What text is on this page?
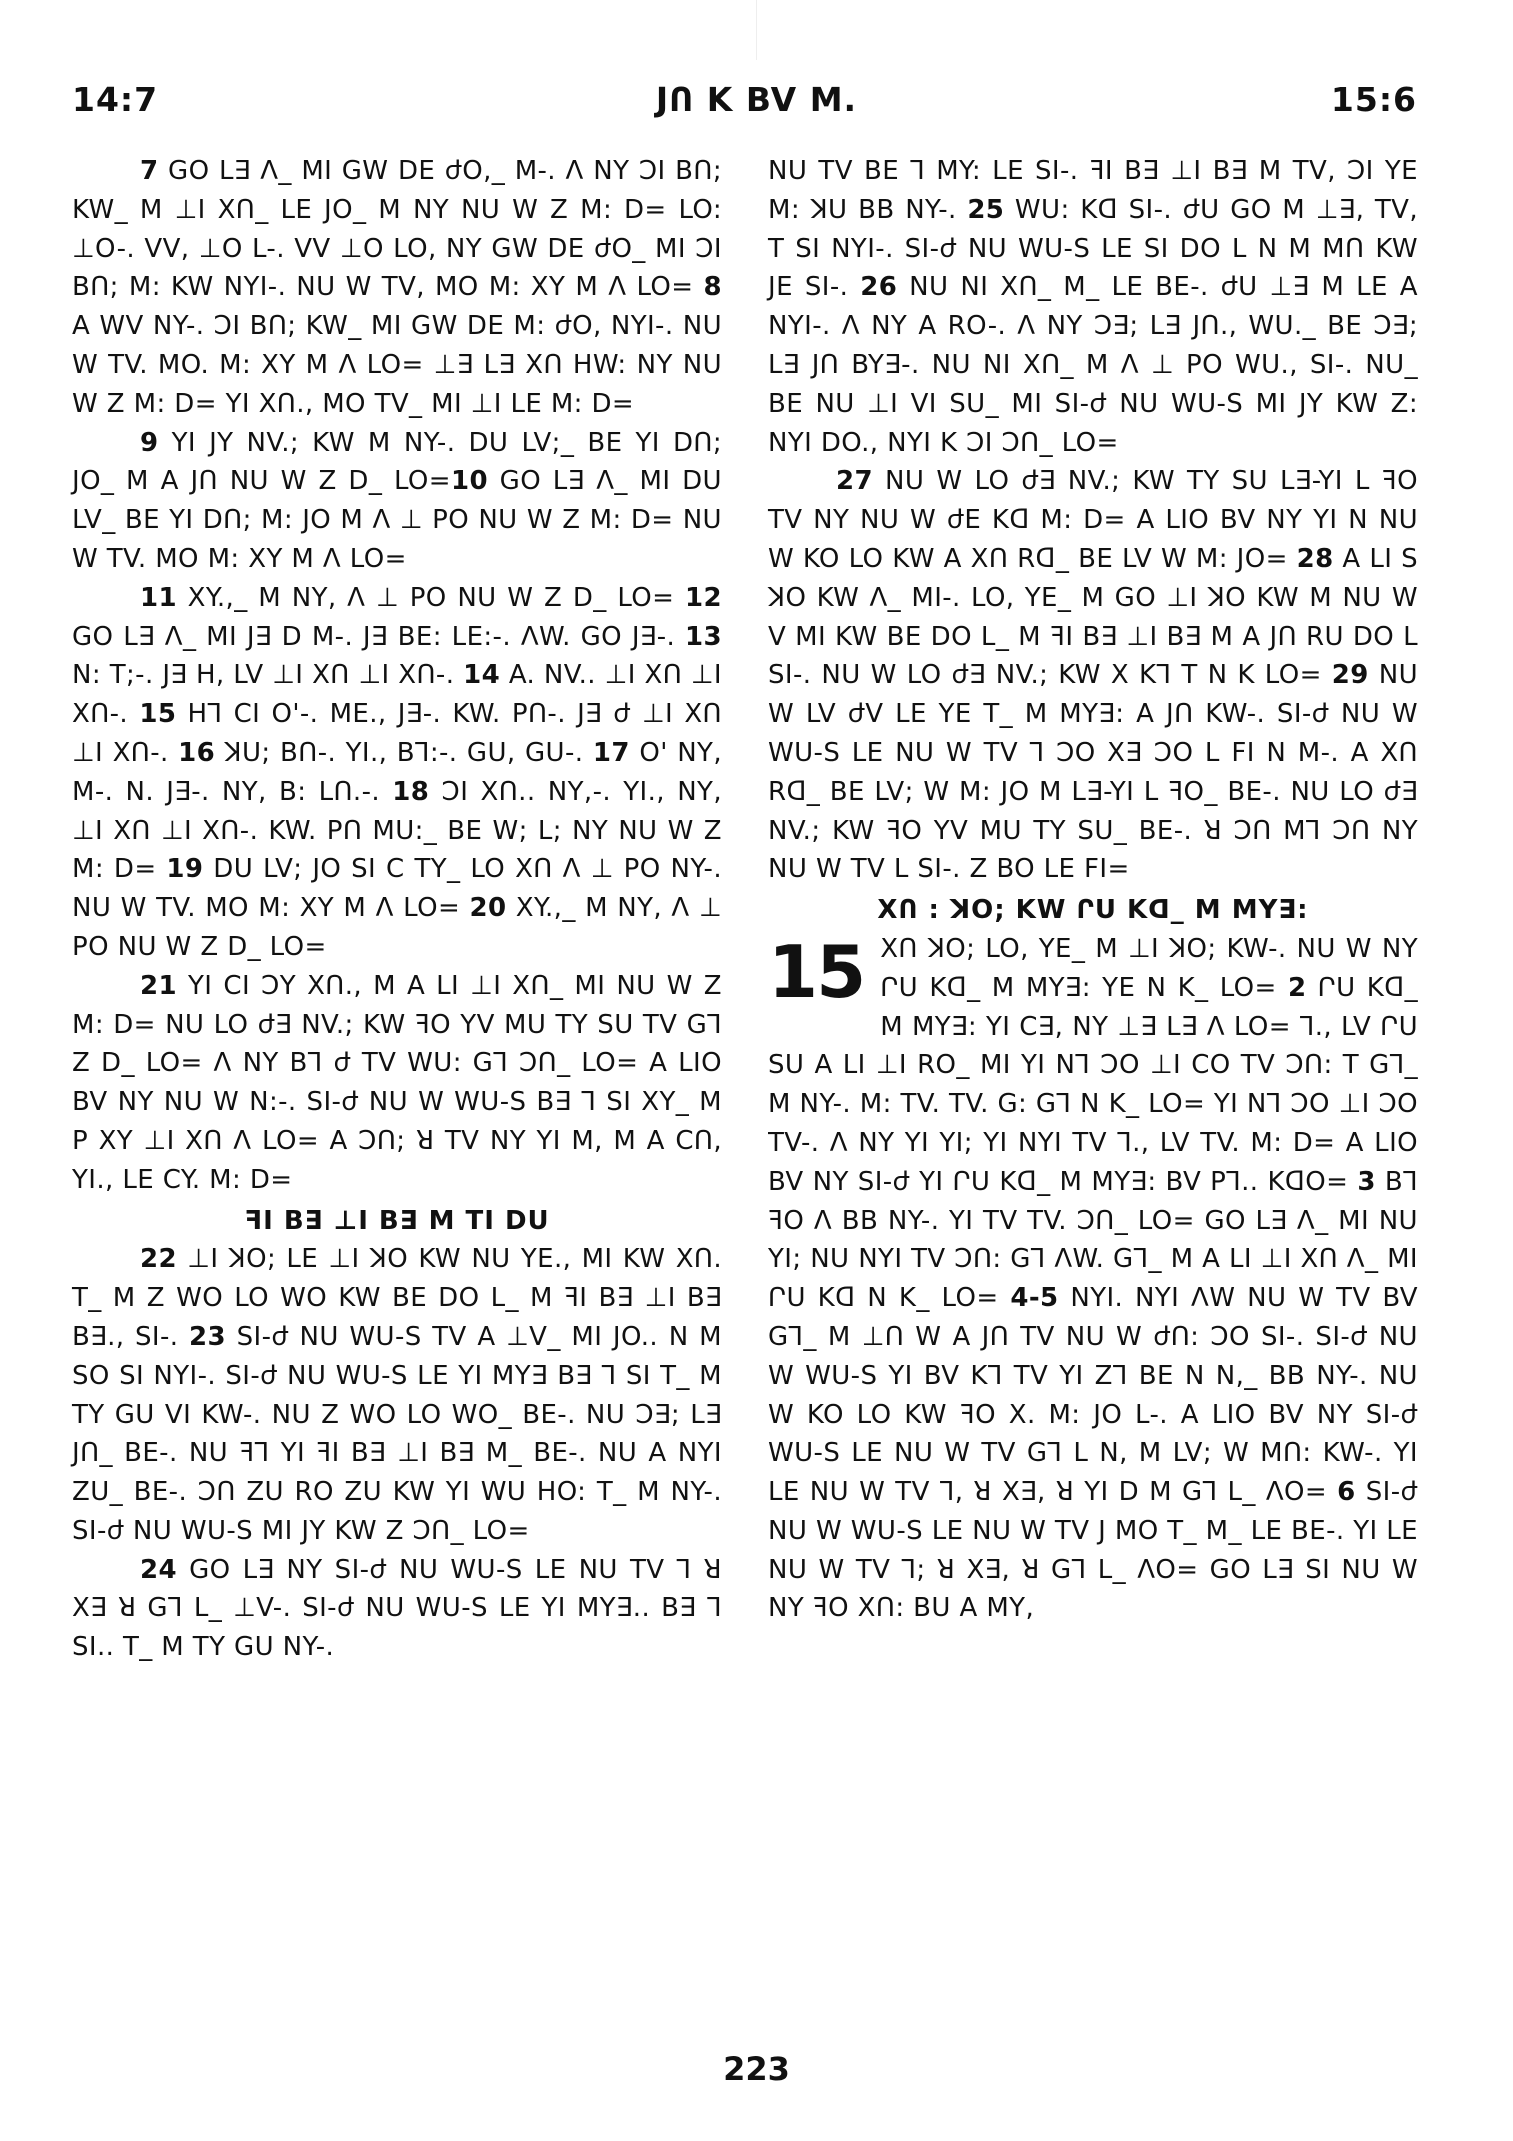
14:7	JՈ K BV M.	15:6

7 GO L∃ Λ_ MI GW DE ժO,_ M-. Λ NY ƆI BՈ; KW_ M ⊥I XՈ_ LE JO_ M NY NU W Z M: D= LO: ⊥O-. VV, ⊥O L-. VV ⊥O LO, NY GW DE ժO_ MI ƆI BՈ; M: KW NYI-. NU W TV, MO M: XY M Λ LO= 8 A WV NY-. ƆI BՈ; KW_ MI GW DE M: ժO, NYI-. NU W TV. MO. M: XY M Λ LO= ⊥∃ L∃ XՈ HW: NY NU W Z M: D= YI XՈ., MO TV_ MI ⊥I LE M: D=

9 YI JY NV.; KW M NY-. DU LV;_ BE YI DՈ; JO_ M A JՈ NU W Z D_ LO=10 GO L∃ Λ_ MI DU LV_ BE YI DՈ; M: JO M Λ ⊥ PO NU W Z M: D= NU W TV. MO M: XY M Λ LO=

11 XY.,_ M NY, Λ ⊥ PO NU W Z D_ LO= 12 GO L∃ Λ_ MI J∃ D M-. J∃ BE: LE:-. ΛW. GO J∃-. 13 N: T;-. J∃ H, LV ⊥I XՈ ⊥I XՈ-. 14 A. NV.. ⊥I XՈ ⊥I XՈ-. 15 H⅂ CI O'-. ME., J∃-. KW. PՈ-. J∃ ժ ⊥I XՈ ⊥I XՈ-. 16 ꓘU; BՈ-. YI., B⅂:-. GU, GU-. 17 O' NY, M-. N. J∃-. NY, B: LՈ.-. 18 ƆI XՈ.. NY,-. YI., NY, ⊥I XՈ ⊥I XՈ-. KW. PՈ MU:_ BE W; L; NY NU W Z M: D= 19 DU LV; JO SI C TY_ LO XՈ Λ ⊥ PO NY-. NU W TV. MO M: XY M Λ LO= 20 XY.,_ M NY, Λ ⊥ PO NU W Z D_ LO=

21 YI CI ƆY XՈ., M A LI ⊥I XՈ_ MI NU W Z M: D= NU LO ժ∃ NV.; KW ꟻO YV MU TY SU TV G⅂ Z D_ LO= Λ NY B⅂ ժ TV WU: G⅂ ƆՈ_ LO= A LIO BV NY NU W N:-. SI-ժ NU W WU-S B∃ ⅂ SI XY_ M P XY ⊥I XՈ Λ LO= A ƆՈ; ꓤ TV NY YI M, M A CՈ, YI., LE CY. M: D=

ꟻI B∃ ⊥I B∃ M TI DU

22 ⊥I ꓘO; LE ⊥I ꓘO KW NU YE., MI KW XՈ. T_ M Z WO LO WO KW BE DO L_ M ꟻI B∃ ⊥I B∃ B∃., SI-. 23 SI-ժ NU WU-S TV A ⊥V_ MI JO.. N M SO SI NYI-. SI-ժ NU WU-S LE YI MY∃ B∃ ⅂ SI T_ M TY GU VI KW-. NU Z WO LO WO_ BE-. NU Ɔ∃; L∃ JՈ_ BE-. NU ꟻ⅂ YI ꟻI B∃ ⊥I B∃ M_ BE-. NU A NYI ZU_ BE-. ƆՈ ZU RO ZU KW YI WU HO: T_ M NY-. SI-ժ NU WU-S MI JY KW Z ƆՈ_ LO=

24 GO L∃ NY SI-ժ NU WU-S LE NU TV ⅂ ꓤ X∃ ꓤ G⅂ L_ ⊥V-. SI-ժ NU WU-S LE YI MY∃.. B∃ ⅂ SI.. T_ M TY GU NY-.

NU TV BE ⅂ MY: LE SI-. ꟻI B∃ ⊥I B∃ M TV, ƆI YE M: ꓘU BB NY-. 25 WU: Kᗡ SI-. ժU GO M ⊥∃, TV, T SI NYI-. SI-ժ NU WU-S LE SI DO L N M MՈ KW JE SI-. 26 NU NI XՈ_ M_ LE BE-. ժU ⊥∃ M LE A NYI-. Λ NY A RO-. Λ NY Ɔ∃; L∃ JՈ., WU._ BE Ɔ∃; L∃ JՈ BY∃-. NU NI XՈ_ M Λ ⊥ PO WU., SI-. NU_ BE NU ⊥I VI SU_ MI SI-ժ NU WU-S MI JY KW Z: NYI DO., NYI K ƆI ƆՈ_ LO=

27 NU W LO ժ∃ NV.; KW TY SU L∃-YI L ꟻO TV NY NU W ժE Kᗡ M: D= A LIO BV NY YI N NU W KO LO KW A XՈ Rᗡ_ BE LV W M: JO= 28 A LI S ꓘO KW Λ_ MI-. LO, YE_ M GO ⊥I ꓘO KW M NU W V MI KW BE DO L_ M ꟻI B∃ ⊥I B∃ M A JՈ RU DO L SI-. NU W LO ժ∃ NV.; KW X K⅂ T N K LO= 29 NU W LV ժV LE YE T_ M MY∃: A JՈ KW-. SI-ժ NU W WU-S LE NU W TV ⅂ ƆO X∃ ƆO L FI N M-. A XՈ Rᗡ_ BE LV; W M: JO M L∃-YI L ꟻO_ BE-. NU LO ժ∃ NV.; KW ꟻO YV MU TY SU_ BE-. ꓤ ƆՈ M⅂ ƆՈ NY NU W TV L SI-. Z BO LE FI=

XՈ : ꓘO; KW ՐU Kᗡ_ M MY∃:
15 XՈ ꓘO; LO, YE_ M ⊥I ꓘO; KW-. NU W NY ՐU Kᗡ_ M MY∃: YE N K_ LO= 2 ՐU Kᗡ_ M MY∃: YI C∃, NY ⊥∃ L∃ Λ LO= ⅂., LV ՐU SU A LI ⊥I RO_ MI YI N⅂ ƆO ⊥I CO TV ƆՈ: T G⅂_ M NY-. M: TV. TV. G: G⅂ N K_ LO= YI N⅂ ƆO ⊥I ƆO TV-. Λ NY YI YI; YI NYI TV ⅂., LV TV. M: D= A LIO BV NY SI-ժ YI ՐU Kᗡ_ M MY∃: BV P⅂.. KᗡO= 3 B⅂ ꟻO Λ BB NY-. YI TV TV. ƆՈ_ LO= GO L∃ Λ_ MI NU YI; NU NYI TV ƆՈ: G⅂ ΛW. G⅂_ M A LI ⊥I XՈ Λ_ MI ՐU Kᗡ N K_ LO= 4-5 NYI. NYI ΛW NU W TV BV G⅂_ M ⊥Ո W A JՈ TV NU W ժՈ: ƆO SI-. SI-ժ NU W WU-S YI BV K⅂ TV YI Z⅂ BE N N,_ BB NY-. NU W KO LO KW ꟻO X. M: JO L-. A LIO BV NY SI-ժ WU-S LE NU W TV G⅂ L N, M LV; W MՈ: KW-. YI LE NU W TV ⅂, ꓤ X∃, ꓤ YI D M G⅂ L_ ΛO= 6 SI-ժ NU W WU-S LE NU W TV J MO T_ M_ LE BE-. YI LE NU W TV ⅂; ꓤ X∃, ꓤ G⅂ L_ ΛO= GO L∃ SI NU W NY ꟻO XՈ: BU A MY,
223
